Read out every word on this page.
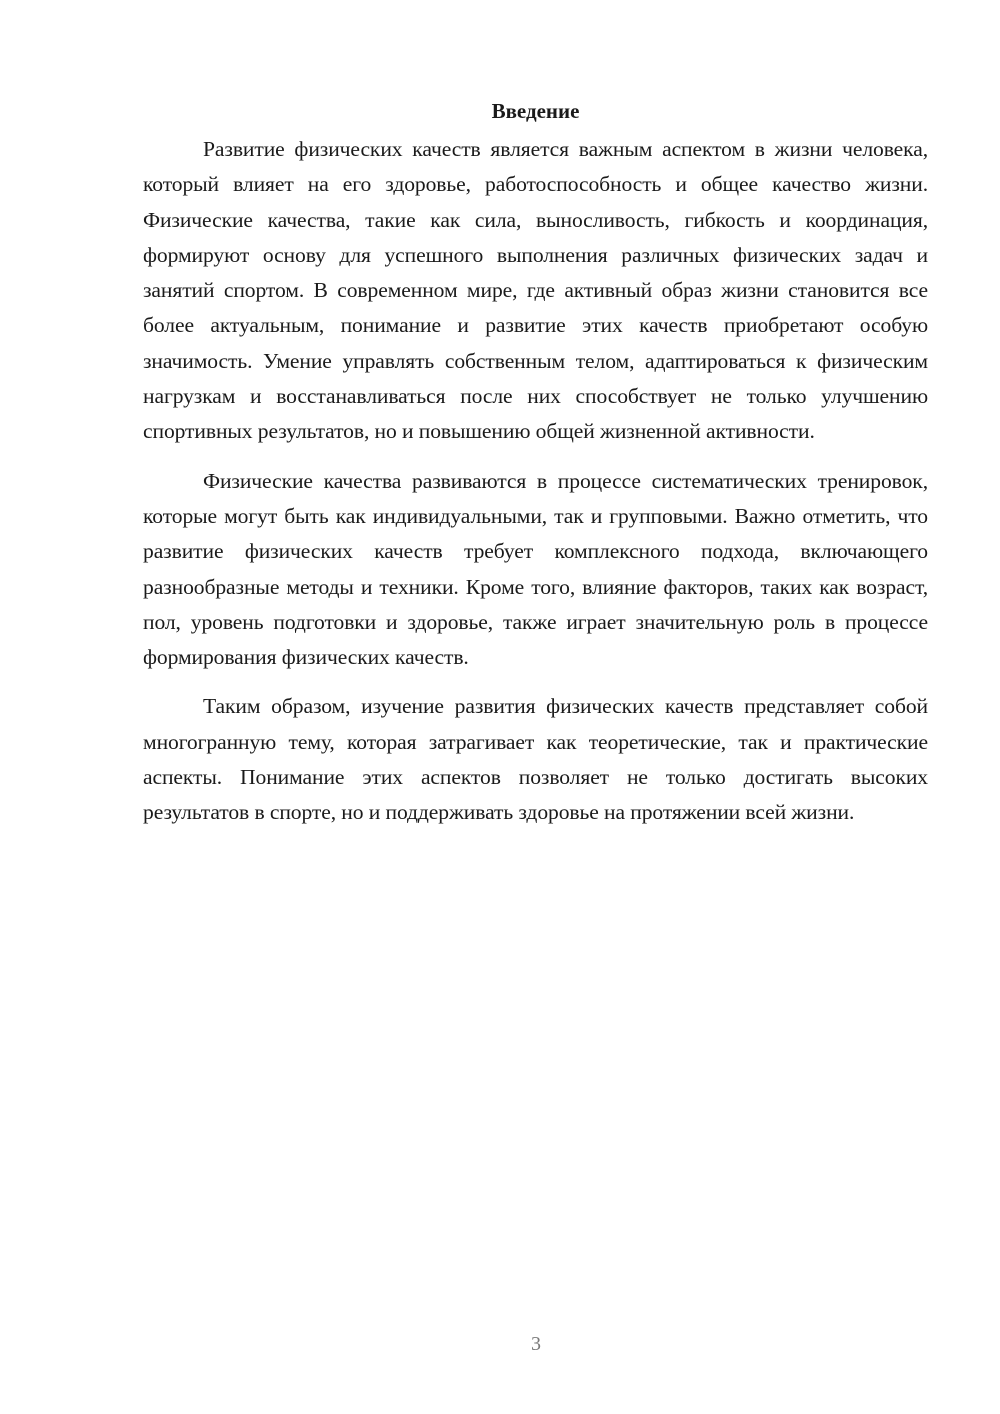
Введение

Развитие физических качеств является важным аспектом в жизни человека, который влияет на его здоровье, работоспособность и общее качество жизни. Физические качества, такие как сила, выносливость, гибкость и координация, формируют основу для успешного выполнения различных физических задач и занятий спортом. В современном мире, где активный образ жизни становится все более актуальным, понимание и развитие этих качеств приобретают особую значимость. Умение управлять собственным телом, адаптироваться к физическим нагрузкам и восстанавливаться после них способствует не только улучшению спортивных результатов, но и повышению общей жизненной активности.

Физические качества развиваются в процессе систематических тренировок, которые могут быть как индивидуальными, так и групповыми. Важно отметить, что развитие физических качеств требует комплексного подхода, включающего разнообразные методы и техники. Кроме того, влияние факторов, таких как возраст, пол, уровень подготовки и здоровье, также играет значительную роль в процессе формирования физических качеств.

Таким образом, изучение развития физических качеств представляет собой многогранную тему, которая затрагивает как теоретические, так и практические аспекты. Понимание этих аспектов позволяет не только достигать высоких результатов в спорте, но и поддерживать здоровье на протяжении всей жизни.

3
